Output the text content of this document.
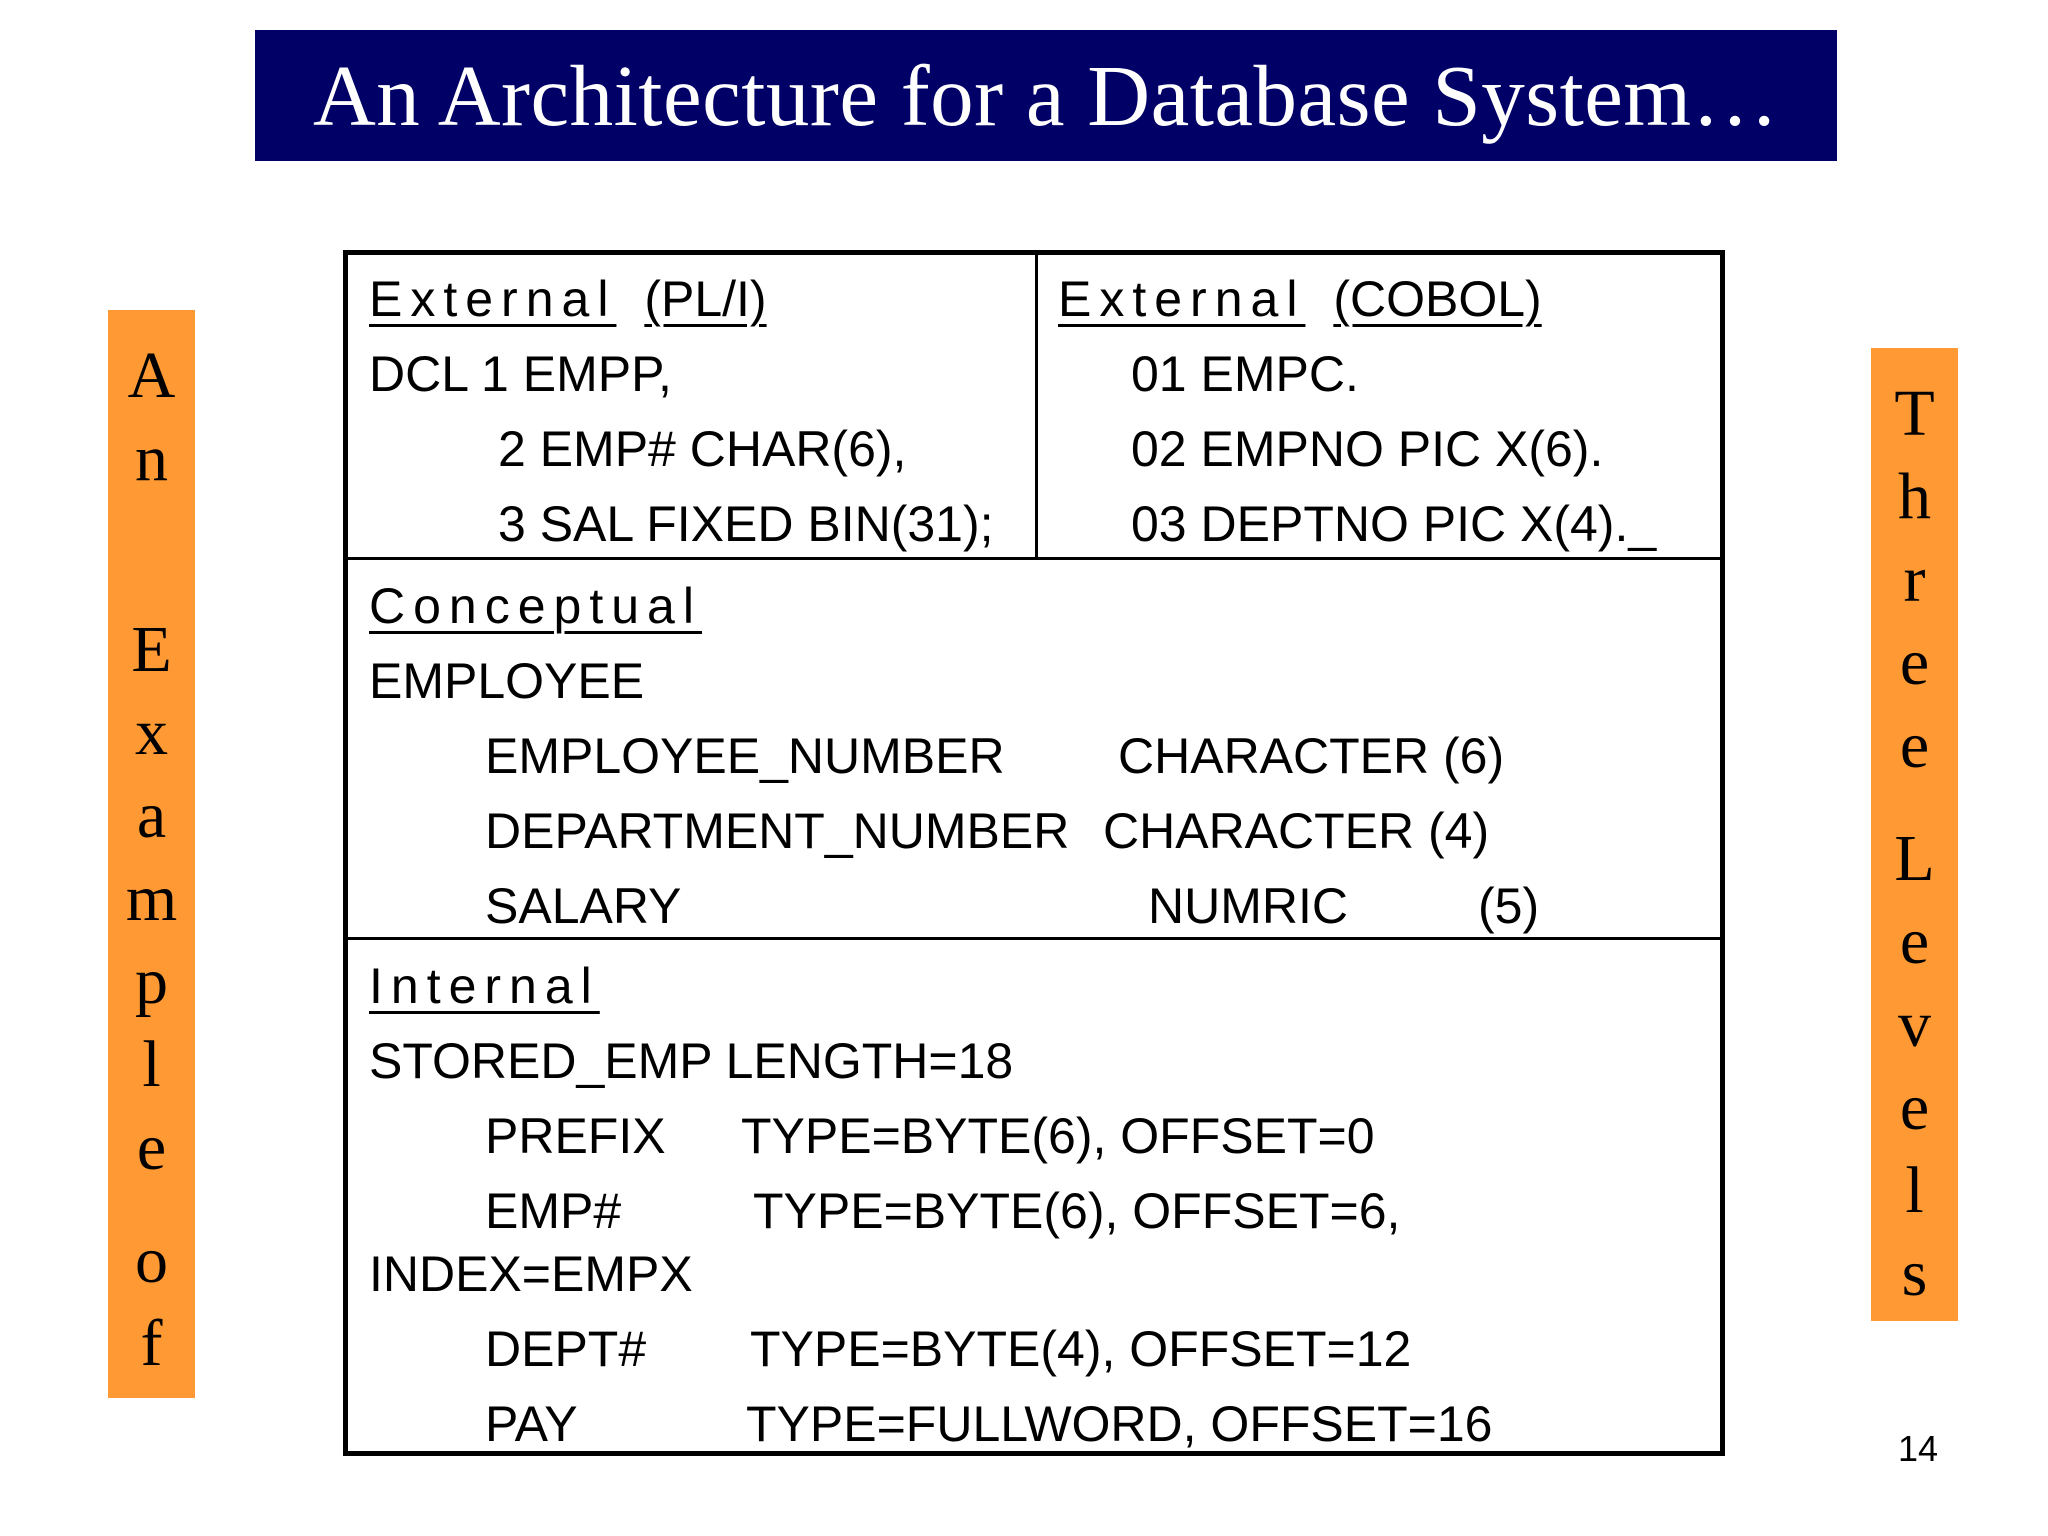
An Architecture for a Database System…
A
n
E
x
a
m
p
l
e
o
f
T
h
r
e
e
L
e
v
e
l
s
External (PL/I)
DCL 1 EMPP,
2 EMP# CHAR(6),
3 SAL FIXED BIN(31);
External (COBOL)
01 EMPC.
02 EMPNO PIC X(6).
03 DEPTNO PIC X(4)._
Conceptual
EMPLOYEE
EMPLOYEE_NUMBER CHARACTER (6)
DEPARTMENT_NUMBER CHARACTER (4)
SALARY	NUMRIC	(5)
Internal
STORED_EMP LENGTH=18
PREFIX TYPE=BYTE(6), OFFSET=0
EMP#	TYPE=BYTE(6), OFFSET=6,
INDEX=EMPX
DEPT# TYPE=BYTE(4), OFFSET=12
PAY	TYPE=FULLWORD, OFFSET=16	14
